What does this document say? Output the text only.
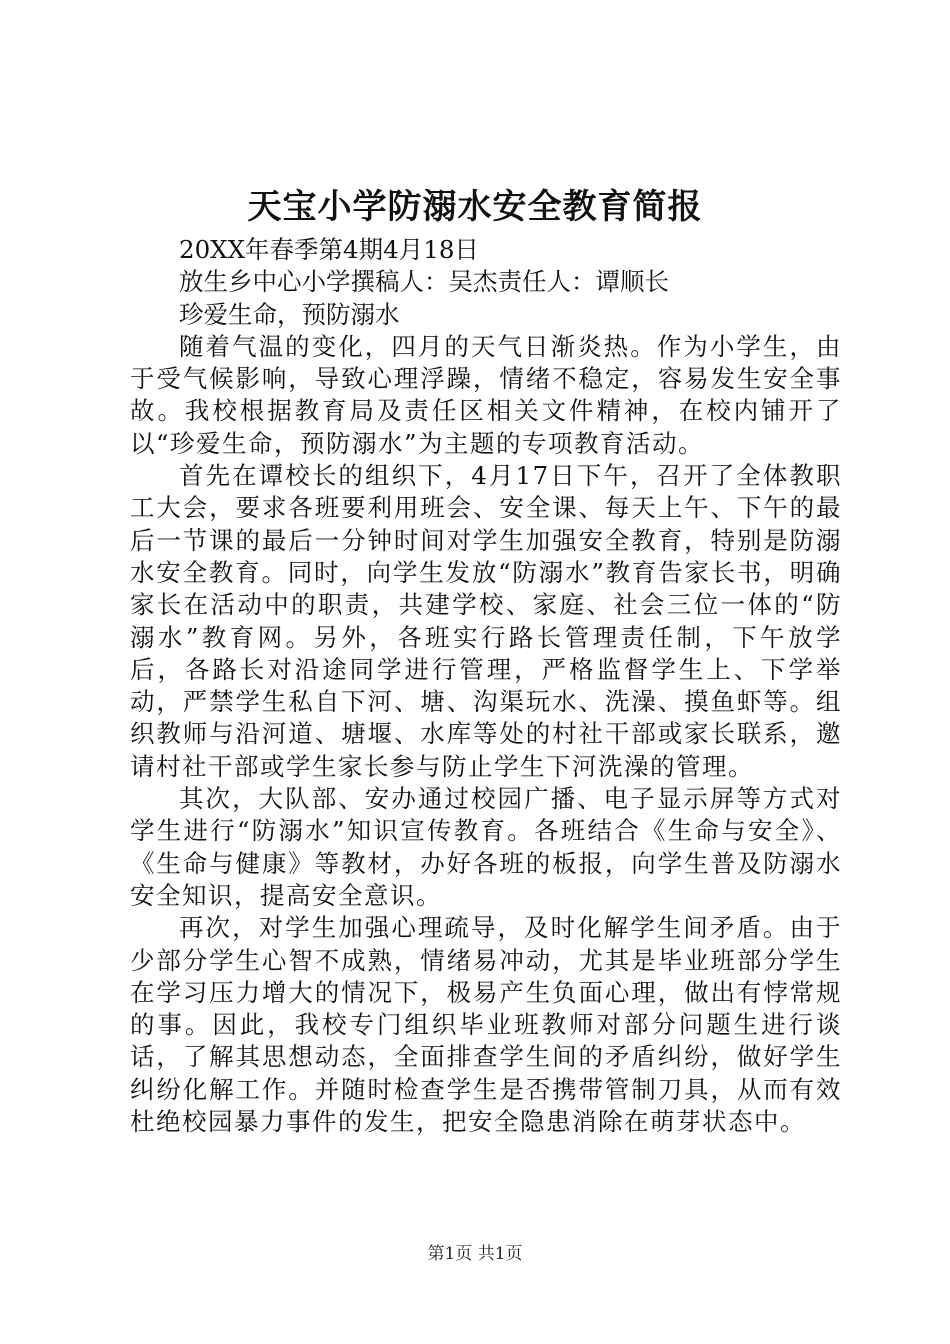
天宝小学防溺水安全教育简报

20XX年春季第4期4月18日

放生乡中心小学撰稿人：吴杰责任人：谭顺长

珍爱生命，预防溺水

随着气温的变化，四月的天气日渐炎热。作为小学生，由于受气候影响，导致心理浮躁，情绪不稳定，容易发生安全事故。我校根据教育局及责任区相关文件精神，在校内铺开了以“珍爱生命，预防溺水”为主题的专项教育活动。

首先在谭校长的组织下，4月17日下午，召开了全体教职工大会，要求各班要利用班会、安全课、每天上午、下午的最后一节课的最后一分钟时间对学生加强安全教育，特别是防溺水安全教育。同时，向学生发放“防溺水”教育告家长书，明确家长在活动中的职责，共建学校、家庭、社会三位一体的“防溺水”教育网。另外，各班实行路长管理责任制，下午放学后，各路长对沿途同学进行管理，严格监督学生上、下学举动，严禁学生私自下河、塘、沟渠玩水、洗澡、摸鱼虾等。组织教师与沿河道、塘堰、水库等处的村社干部或家长联系，邀请村社干部或学生家长参与防止学生下河洗澡的管理。

其次，大队部、安办通过校园广播、电子显示屏等方式对学生进行“防溺水”知识宣传教育。各班结合《生命与安全》、《生命与健康》等教材，办好各班的板报，向学生普及防溺水安全知识，提高安全意识。

再次，对学生加强心理疏导，及时化解学生间矛盾。由于少部分学生心智不成熟，情绪易冲动，尤其是毕业班部分学生在学习压力增大的情况下，极易产生负面心理，做出有悖常规的事。因此，我校专门组织毕业班教师对部分问题生进行谈话，了解其思想动态，全面排查学生间的矛盾纠纷，做好学生纠纷化解工作。并随时检查学生是否携带管制刀具，从而有效杜绝校园暴力事件的发生，把安全隐患消除在萌芽状态中。

第1页 共1页
